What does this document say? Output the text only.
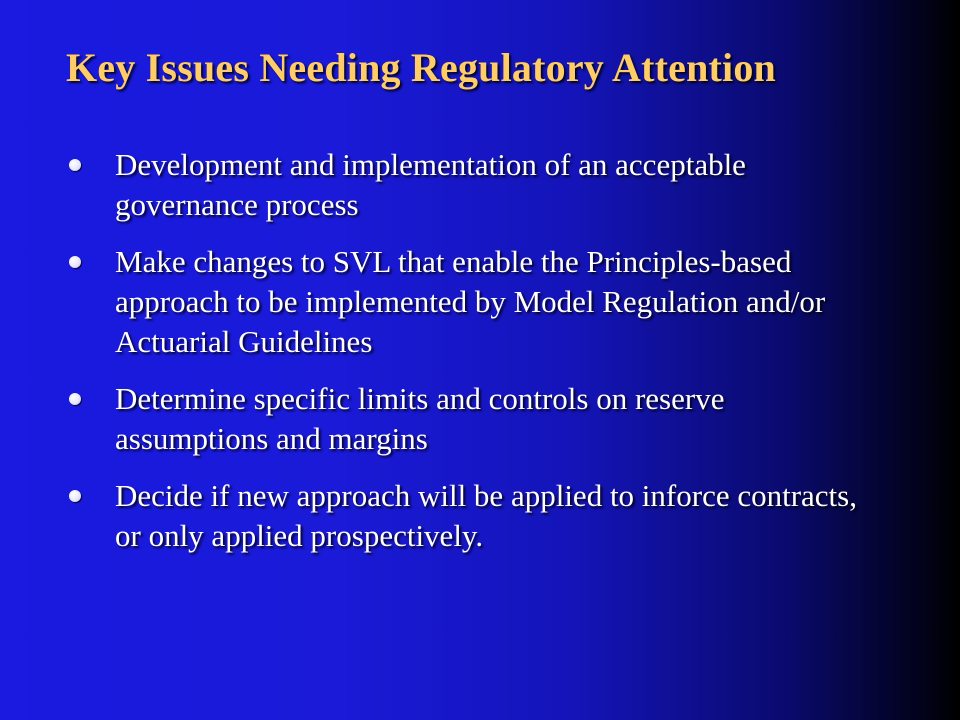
Key Issues Needing Regulatory Attention
Development and implementation of an acceptable governance process
Make changes to SVL that enable the Principles-based approach to be implemented by Model Regulation and/or Actuarial Guidelines
Determine specific limits and controls on reserve assumptions and margins
Decide if new approach will be applied to inforce contracts, or only applied prospectively.
